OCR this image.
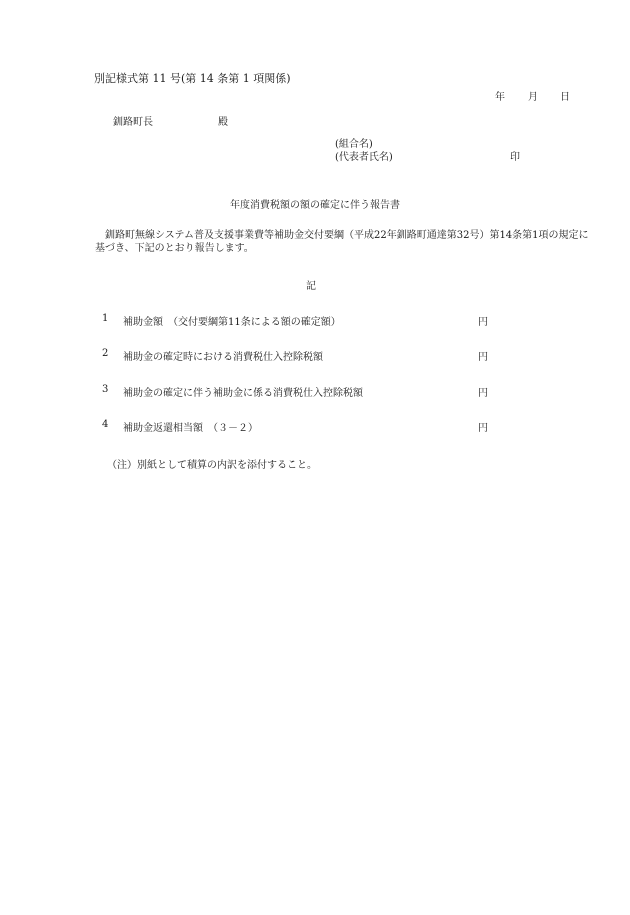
別記様式第 11 号(第 14 条第 1 項関係)
年 月 日
釧路町長	殿
(組合名)
(代表者氏名)	印
年度消費税額の額の確定に伴う報告書
　釧路町無線システム普及支援事業費等補助金交付要綱（平成22年釧路町通達第32号）第14条第1項の規定に基づき、下記のとおり報告します。
記
1 補助金額　（交付要綱第11条による額の確定額）	円
2 補助金の確定時における消費税仕入控除税額	円
3 補助金の確定に伴う補助金に係る消費税仕入控除税額	円
4 補助金返還相当額　（３－２）	円
（注）別紙として積算の内訳を添付すること。
